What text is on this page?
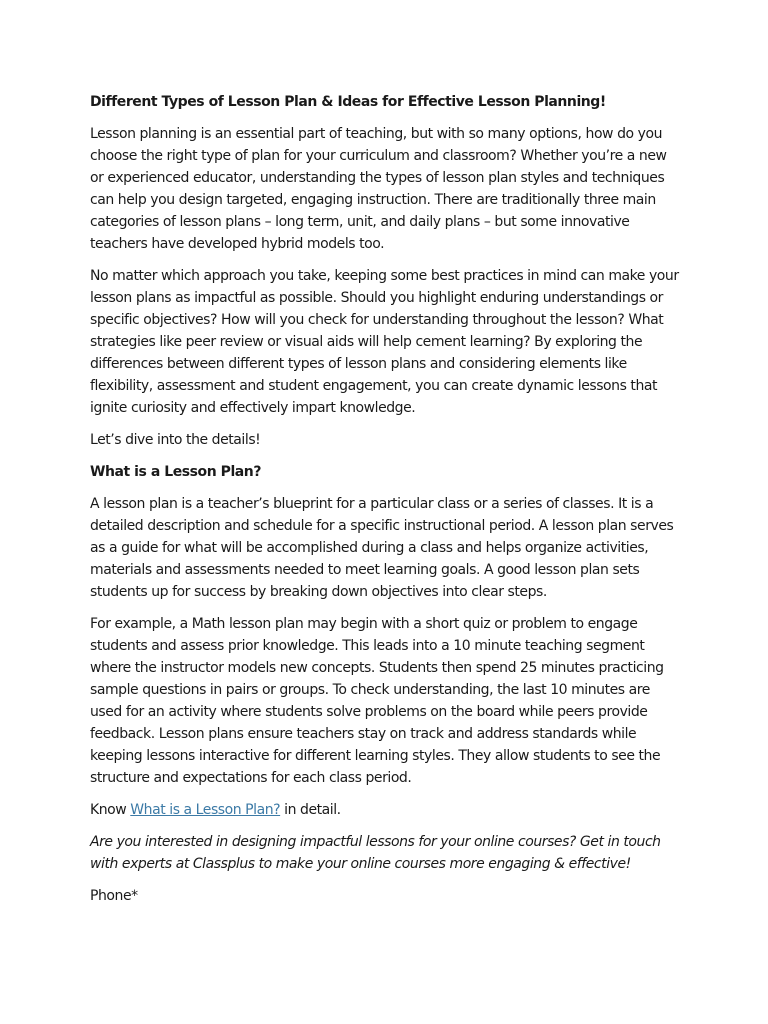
Different Types of Lesson Plan & Ideas for Effective Lesson Planning!

Lesson planning is an essential part of teaching, but with so many options, how do you choose the right type of plan for your curriculum and classroom? Whether you’re a new or experienced educator, understanding the types of lesson plan styles and techniques can help you design targeted, engaging instruction. There are traditionally three main categories of lesson plans – long term, unit, and daily plans – but some innovative teachers have developed hybrid models too.

No matter which approach you take, keeping some best practices in mind can make your lesson plans as impactful as possible. Should you highlight enduring understandings or specific objectives? How will you check for understanding throughout the lesson? What strategies like peer review or visual aids will help cement learning? By exploring the differences between different types of lesson plans and considering elements like flexibility, assessment and student engagement, you can create dynamic lessons that ignite curiosity and effectively impart knowledge.

Let’s dive into the details!

What is a Lesson Plan?

A lesson plan is a teacher’s blueprint for a particular class or a series of classes. It is a detailed description and schedule for a specific instructional period. A lesson plan serves as a guide for what will be accomplished during a class and helps organize activities, materials and assessments needed to meet learning goals. A good lesson plan sets students up for success by breaking down objectives into clear steps.

For example, a Math lesson plan may begin with a short quiz or problem to engage students and assess prior knowledge. This leads into a 10 minute teaching segment where the instructor models new concepts. Students then spend 25 minutes practicing sample questions in pairs or groups. To check understanding, the last 10 minutes are used for an activity where students solve problems on the board while peers provide feedback. Lesson plans ensure teachers stay on track and address standards while keeping lessons interactive for different learning styles. They allow students to see the structure and expectations for each class period.

Know What is a Lesson Plan? in detail.

Are you interested in designing impactful lessons for your online courses? Get in touch with experts at Classplus to make your online courses more engaging & effective!

Phone*
